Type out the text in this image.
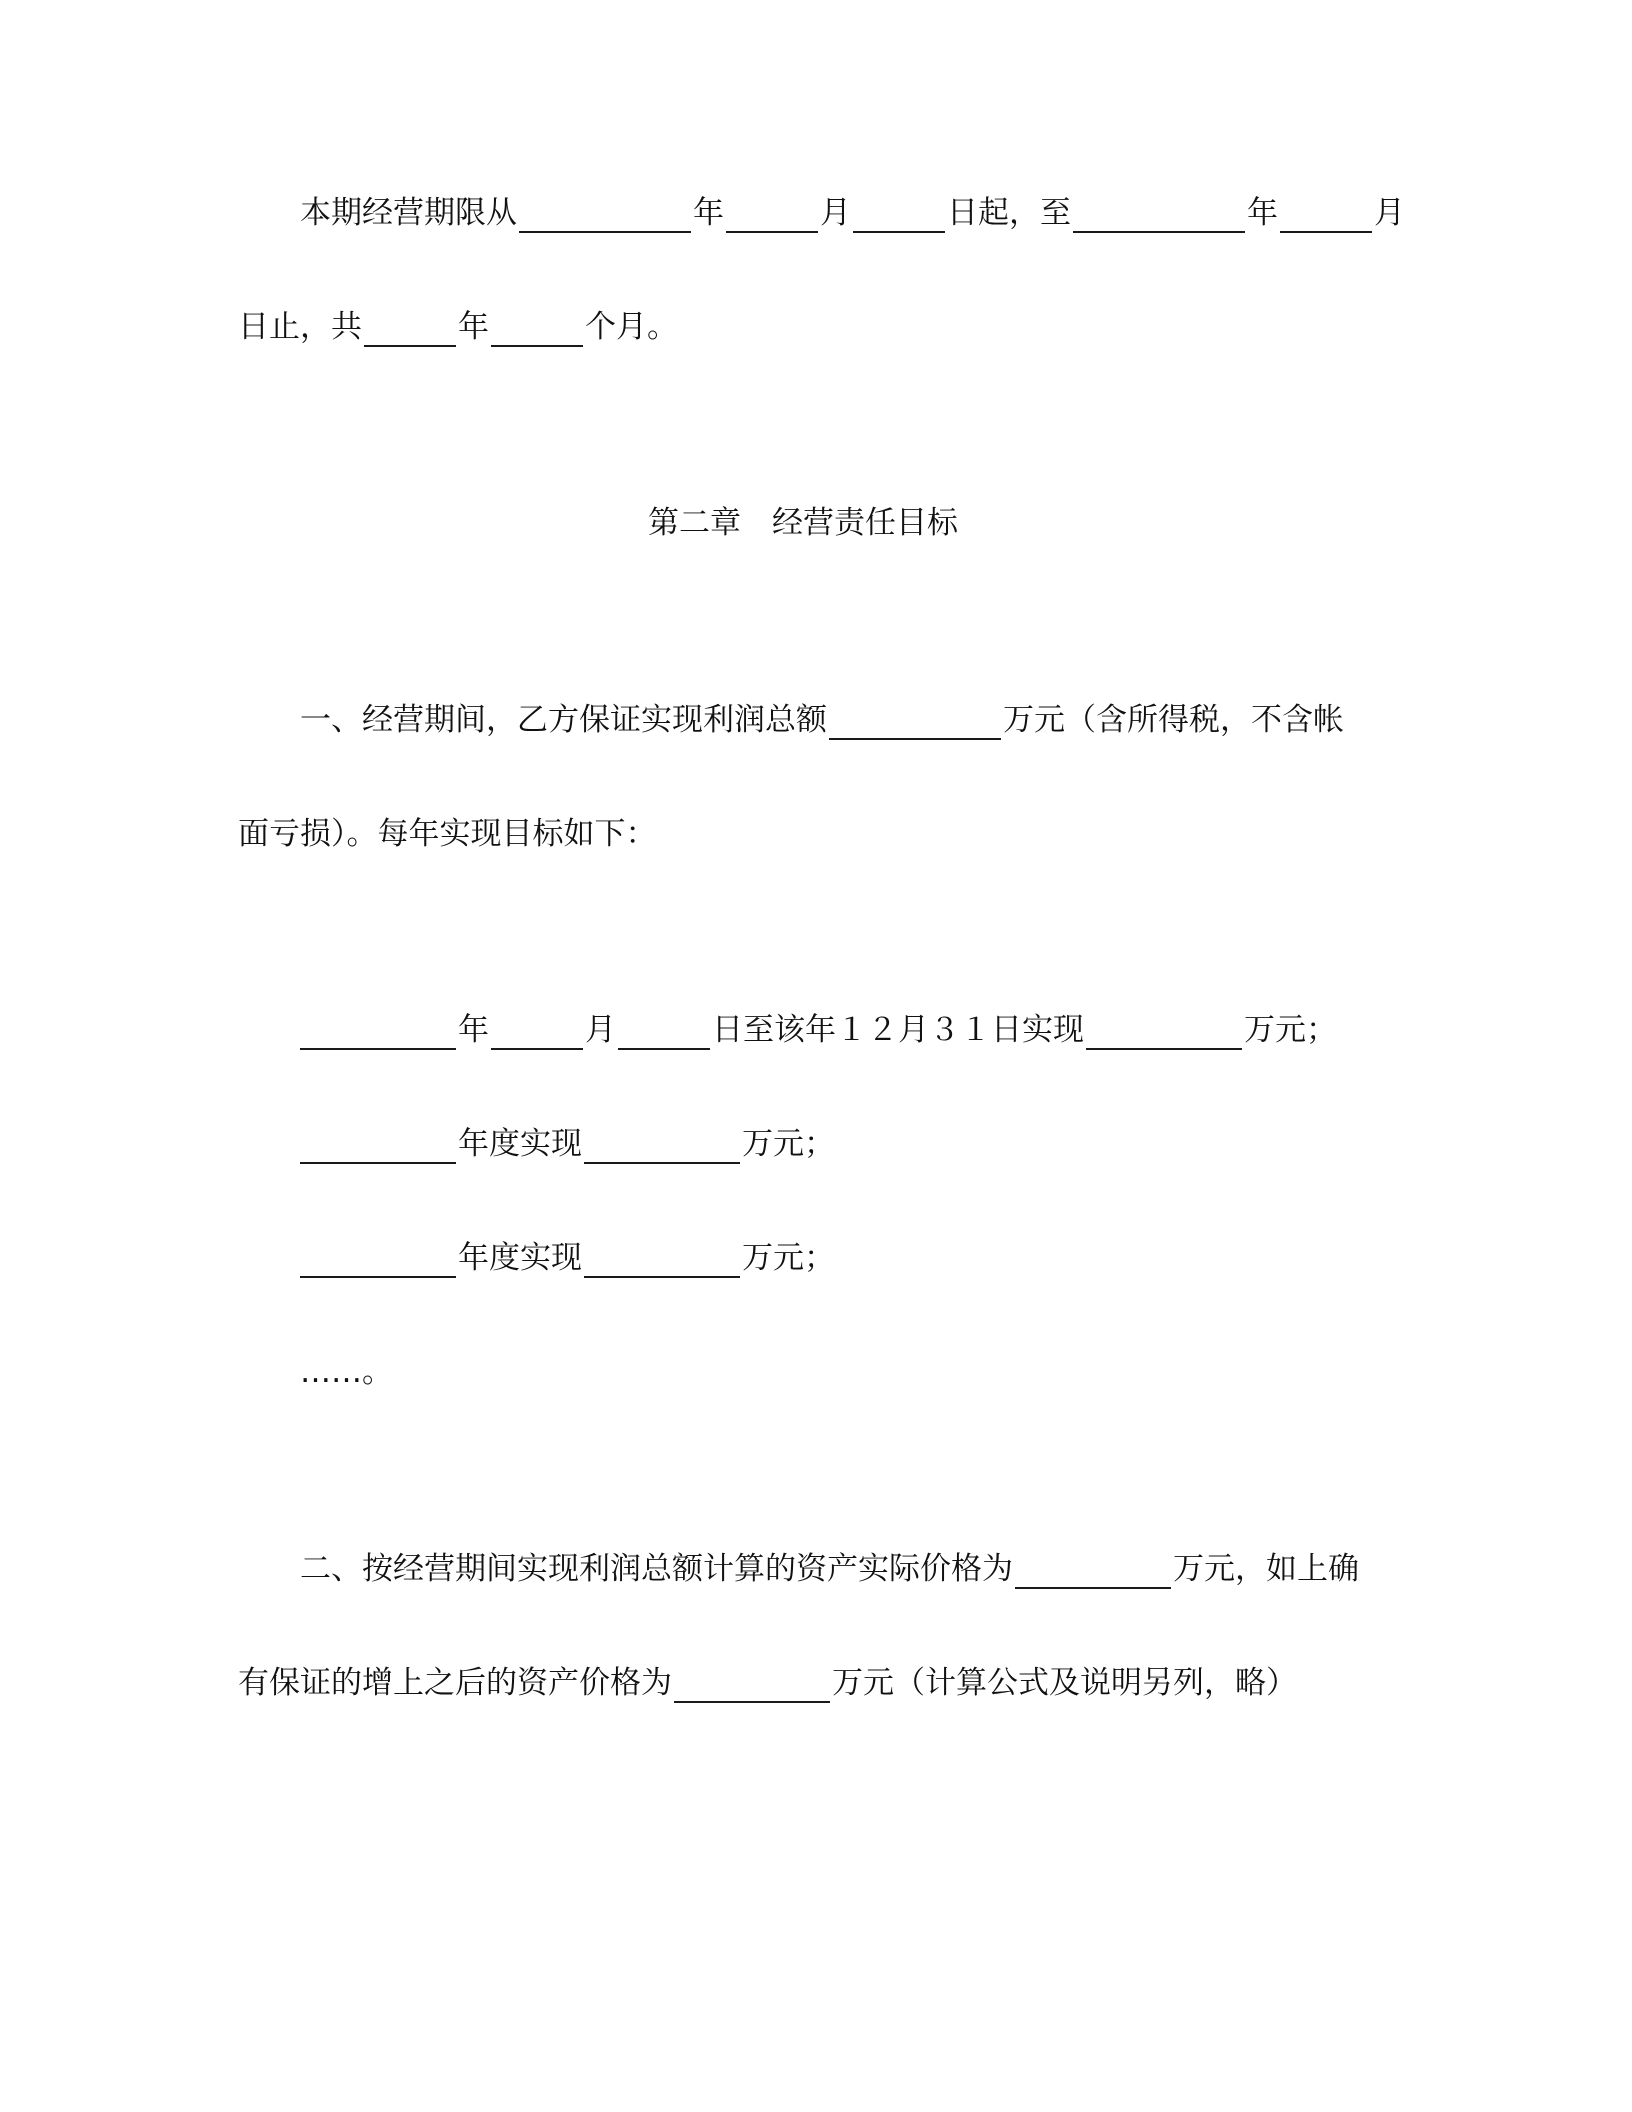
本期经营期限从	年	月	日起，至	年	月
日止，共	年	个月。
第二章　经营责任目标
一、经营期间，乙方保证实现利润总额	万元（含所得税，不含帐
面亏损）。每年实现目标如下：
年	月	日至该年１２月３１日实现	万元；
年度实现	万元；
年度实现	万元；
……。
二、按经营期间实现利润总额计算的资产实际价格为	万元，如上确
有保证的增上之后的资产价格为	万元（计算公式及说明另列，略）
